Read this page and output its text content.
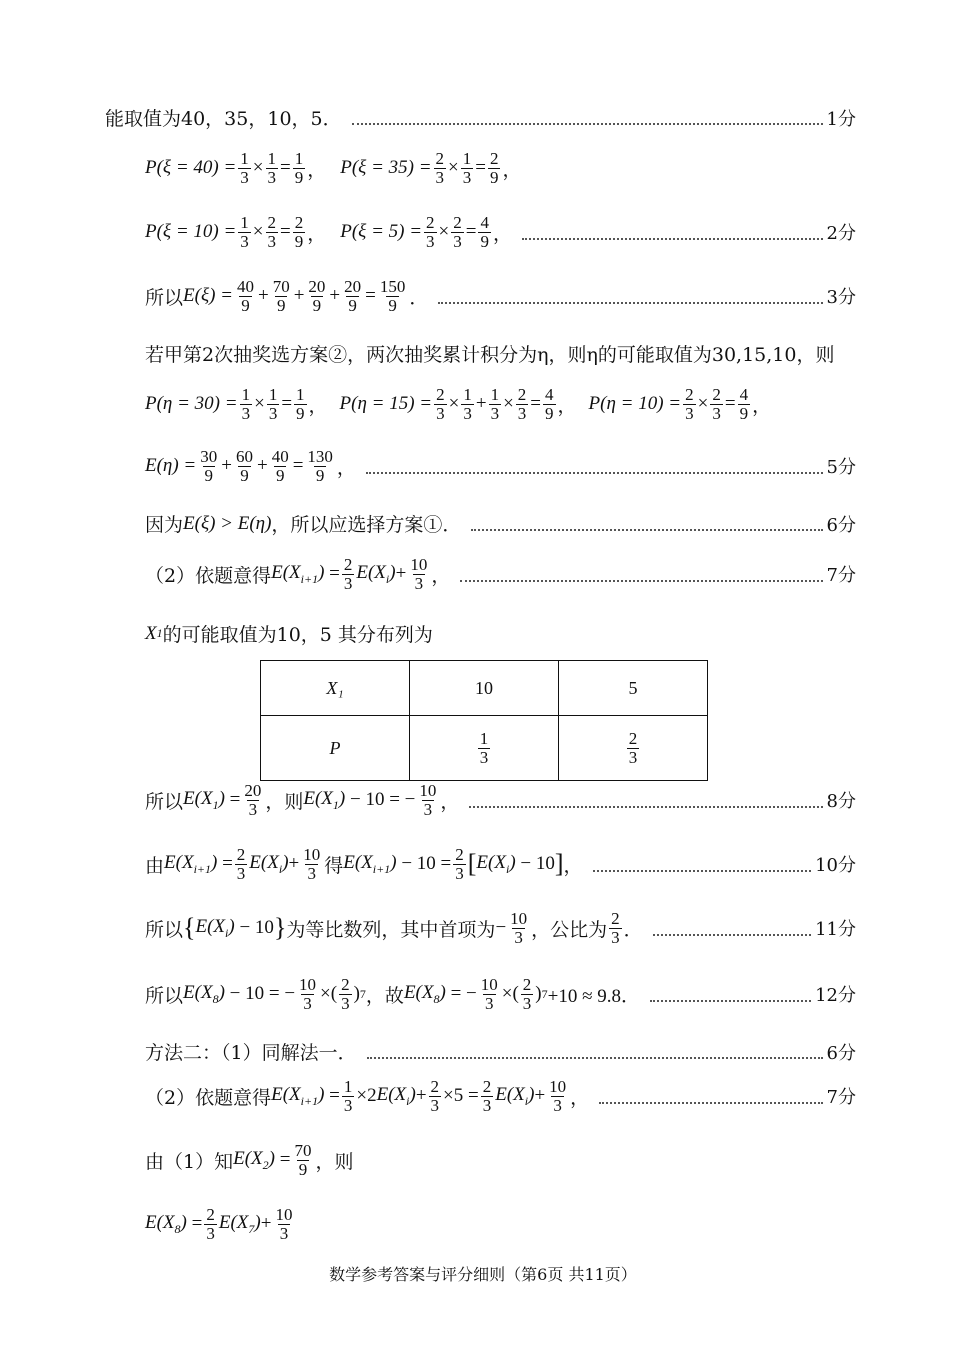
能取值为40，35，10，5．	1分
$P(\xi = 40) = \frac{1}{3} \times \frac{1}{3} = \frac{1}{9}$ ， $P(\xi = 35) = \frac{2}{3} \times \frac{1}{3} = \frac{2}{9}$ ，
$P(\xi = 10) = \frac{1}{3} \times \frac{2}{3} = \frac{2}{9}$ ， $P(\xi = 5) = \frac{2}{3} \times \frac{2}{3} = \frac{4}{9}$ ，	2分
所以 $E(\xi) = \frac{40}{9} + \frac{70}{9} + \frac{20}{9} + \frac{20}{9} = \frac{150}{9}$ ．	3分
若甲第2次抽奖选方案②，两次抽奖累计积分为η，则η的可能取值为30,15,10，则
$P(\eta = 30) = \frac{1}{3} \times \frac{1}{3} = \frac{1}{9}$ ， $P(\eta = 15) = \frac{2}{3} \times \frac{1}{3} + \frac{1}{3} \times \frac{2}{3} = \frac{4}{9}$ ， $P(\eta = 10) = \frac{2}{3} \times \frac{2}{3} = \frac{4}{9}$ ，
$E(\eta) = \frac{30}{9} + \frac{60}{9} + \frac{40}{9} = \frac{130}{9}$ ，	5分
因为 E(ξ) > E(η) ，所以应选择方案①．	6分
（2）依题意得 $E(X_{i+1}) = \frac{2}{3} E(X_i) + \frac{10}{3}$ ，	7分
X 1 的可能取值为10，5 其分布列为
X₁	10	5
P	$\frac{1}{3}$	$\frac{2}{3}$
所以 $E(X_1) = \frac{20}{3}$ ，则 $E(X_1) - 10$ = − $\frac{10}{3}$ ，	8分
由 $E(X_{i+1}) = \frac{2}{3} E(X_i) + \frac{10}{3}$ 得 $E(X_{i+1}) - 10 = \frac{2}{3}$ [ $E(X_i) - 10$ ] ，	10分
所以 { $E(X_i) - 10$ } 为等比数列，其中首项为 − $\frac{10}{3}$ ，公比为 $\frac{2}{3}$ ．	11分
所以 $E(X_8) - 10$ = − $\frac{10}{3}$ ×( $\frac{2}{3}$ ) 7 ，故 $E(X_8)$ = − $\frac{10}{3}$ ×( $\frac{2}{3}$ ) 7 +10 ≈ 9.8．	12分
方法二：（1）同解法一．	6分
（2）依题意得 $E(X_{i+1}) = \frac{1}{3} \times 2$ $E(X_i) + \frac{2}{3} \times 5 = \frac{2}{3} E(X_i) + \frac{10}{3}$ ，	7分
由（1）知 $E(X_2) = \frac{70}{9}$ ，则
$E(X_8) = \frac{2}{3} E(X_7) + \frac{10}{3}$
数学参考答案与评分细则（第6页 共11页）
